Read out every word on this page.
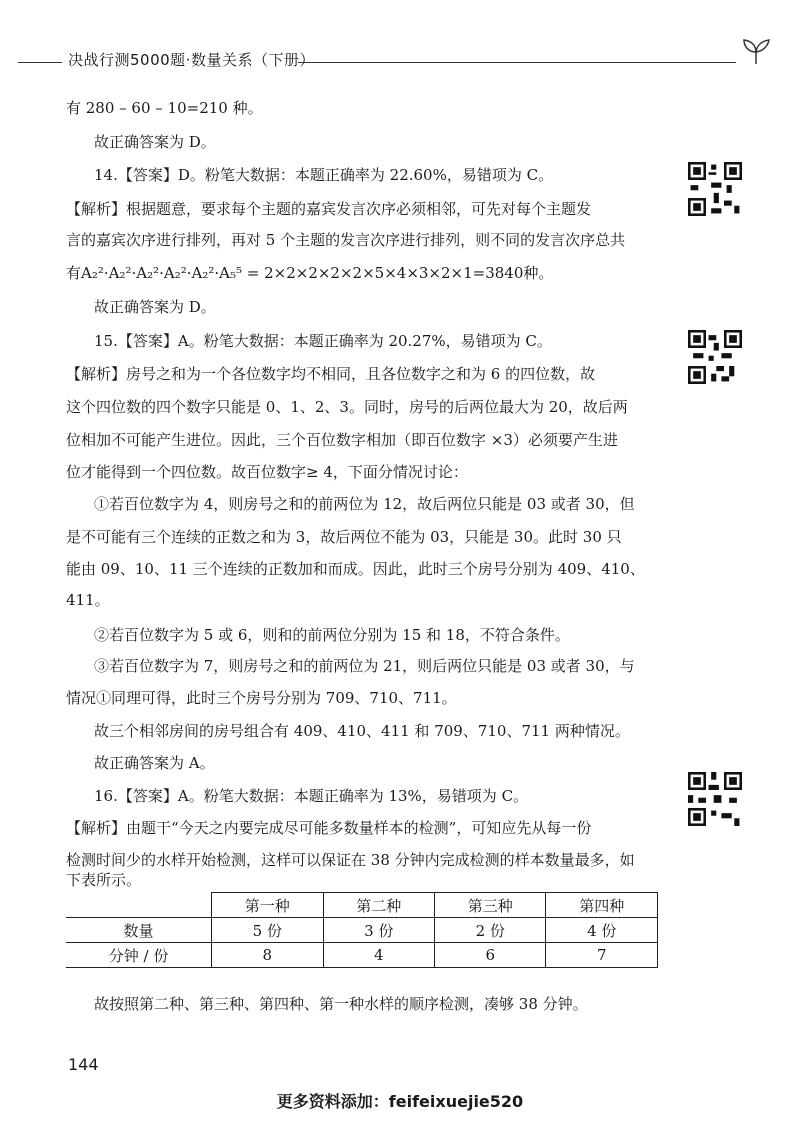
决战行测5000题·数量关系（下册）
有 280 – 60 – 10=210 种。
故正确答案为 D。
14.【答案】D。粉笔大数据：本题正确率为 22.60%，易错项为 C。
【解析】根据题意，要求每个主题的嘉宾发言次序必须相邻，可先对每个主题发
言的嘉宾次序进行排列，再对 5 个主题的发言次序进行排列，则不同的发言次序总共
有A₂²·A₂²·A₂²·A₂²·A₂²·A₅⁵ = 2×2×2×2×2×5×4×3×2×1=3840种。
故正确答案为 D。
15.【答案】A。粉笔大数据：本题正确率为 20.27%，易错项为 C。
【解析】房号之和为一个各位数字均不相同，且各位数字之和为 6 的四位数，故
这个四位数的四个数字只能是 0、1、2、3。同时，房号的后两位最大为 20，故后两
位相加不可能产生进位。因此，三个百位数字相加（即百位数字 ×3）必须要产生进
位才能得到一个四位数。故百位数字≥ 4，下面分情况讨论：
①若百位数字为 4，则房号之和的前两位为 12，故后两位只能是 03 或者 30，但
是不可能有三个连续的正数之和为 3，故后两位不能为 03，只能是 30。此时 30 只
能由 09、10、11 三个连续的正数加和而成。因此，此时三个房号分别为 409、410、
411。
②若百位数字为 5 或 6，则和的前两位分别为 15 和 18，不符合条件。
③若百位数字为 7，则房号之和的前两位为 21，则后两位只能是 03 或者 30，与
情况①同理可得，此时三个房号分别为 709、710、711。
故三个相邻房间的房号组合有 409、410、411 和 709、710、711 两种情况。
故正确答案为 A。
16.【答案】A。粉笔大数据：本题正确率为 13%，易错项为 C。
【解析】由题干“今天之内要完成尽可能多数量样本的检测”，可知应先从每一份
检测时间少的水样开始检测，这样可以保证在 38 分钟内完成检测的样本数量最多，如
下表所示。
	第一种	第二种	第三种	第四种
数量	5 份	3 份	2 份	4 份
分钟 / 份	8	4	6	7
故按照第二种、第三种、第四种、第一种水样的顺序检测，凑够 38 分钟。
144
更多资料添加：feifeixuejie520
